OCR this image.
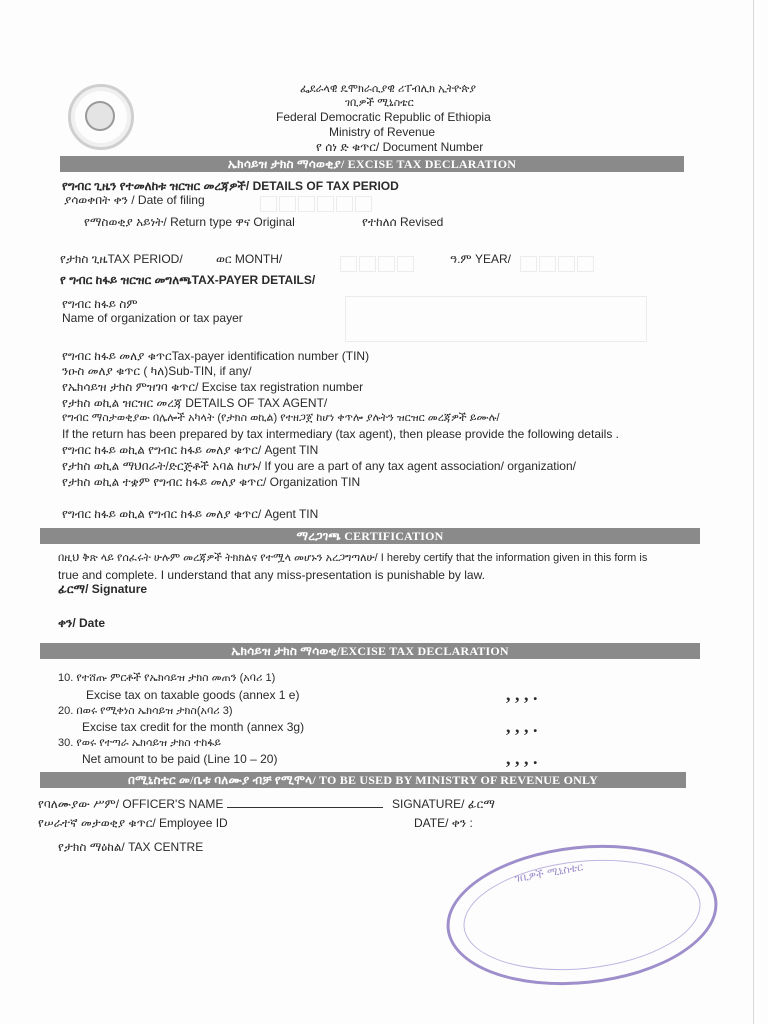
ፌደራላዊ ዴሞክራሲያዊ ሪፐብሊክ ኢትዮጵያ
ገቢዎች ሚኒስቴር
Federal Democratic Republic of Ethiopia
Ministry of Revenue
የ ሰነ ድ ቁጥር/ Document Number
ኤክሳይዝ ታክስ ማሳወቂያ/ EXCISE TAX DECLARATION
የግብር ጊዜን የተመለከቱ ዝርዝር መረጃዎች/ DETAILS OF TAX PERIOD
ያሳወቀበት ቀን / Date of filing
የማስወቂያ አይነት/ Return type ዋና Original	የተከለሰ Revised
የታክስ ጊዜTAX PERIOD/	ወር MONTH/	ዓ.ም YEAR/
የ ግብር ከፋይ ዝርዝር መግለጫTAX-PAYER DETAILS/
የግብር ከፋይ ስም
Name of organization or tax payer
የግብር ከፋይ መለያ ቁጥርTax-payer identification number (TIN)
ንዑስ መለያ ቁጥር ( ካለ)Sub-TIN, if any/
የኤክሳይዝ ታክስ ምዝገባ ቁጥር/ Excise tax registration number
የታክስ ወኪል ዝርዝር መረጃ DETAILS OF TAX AGENT/
የግብር ማስታወቂያው በሌሎች አካላት (የታክስ ወኪል) የተዘጋጀ ከሆነ ቀጥሎ ያሉትን ዝርዝር መረጃዎች ይሙሉ/
If the return has been prepared by tax intermediary (tax agent), then please provide the following details .
የግብር ከፋይ ወኪል የግብር ከፋይ መለያ ቁጥር/ Agent TIN
የታክስ ወኪል ማህበራት/ድርጅቶች አባል ከሆኑ/ If you are a part of any tax agent association/ organization/
የታክስ ወኪል ተቋም የግብር ከፋይ መለያ ቁጥር/ Organization TIN
የግብር ከፋይ ወኪል የግብር ከፋይ መለያ ቁጥር/ Agent TIN
ማረጋገጫ CERTIFICATION
በዚህ ቅጽ ላይ የሰፈሩት ሁሉም መረጃዎች ትክክልና የተሟላ መሆኑን አረጋግጣለሁ/ I hereby certify that the information given in this form is
true and complete. I understand that any miss-presentation is punishable by law.
ፊርማ/ Signature
ቀን/ Date
ኤክሳይዝ ታክስ ማሳወቂ/EXCISE TAX DECLARATION
10. የተሸጡ ምርቶች የኤክሳይዝ ታክስ መጠን (አባሪ 1)
Excise tax on taxable goods (annex 1 e)	, , , .
20. በወሩ የሚቀነስ ኤክሳይዝ ታክስ(አባሪ 3)
Excise tax credit for the month (annex 3g)	, , , .
30. የወሩ የተጣራ ኤክሳይዝ ታክስ ተከፋይ
Net amount to be paid (Line 10 – 20)	, , , .
በሚኒስቴር መ/ቤቱ ባለሙያ ብቻ የሚሞላ/ TO BE USED BY MINISTRY OF REVENUE ONLY
የባለሙያው ሥም/ OFFICER'S NAME	SIGNATURE/ ፊርማ
የሠራተኛ መታወቂያ ቁጥር/ Employee ID	DATE/ ቀን :
የታክስ ማዕከል/ TAX CENTRE
ገቢዎች ሚኒስቴር
